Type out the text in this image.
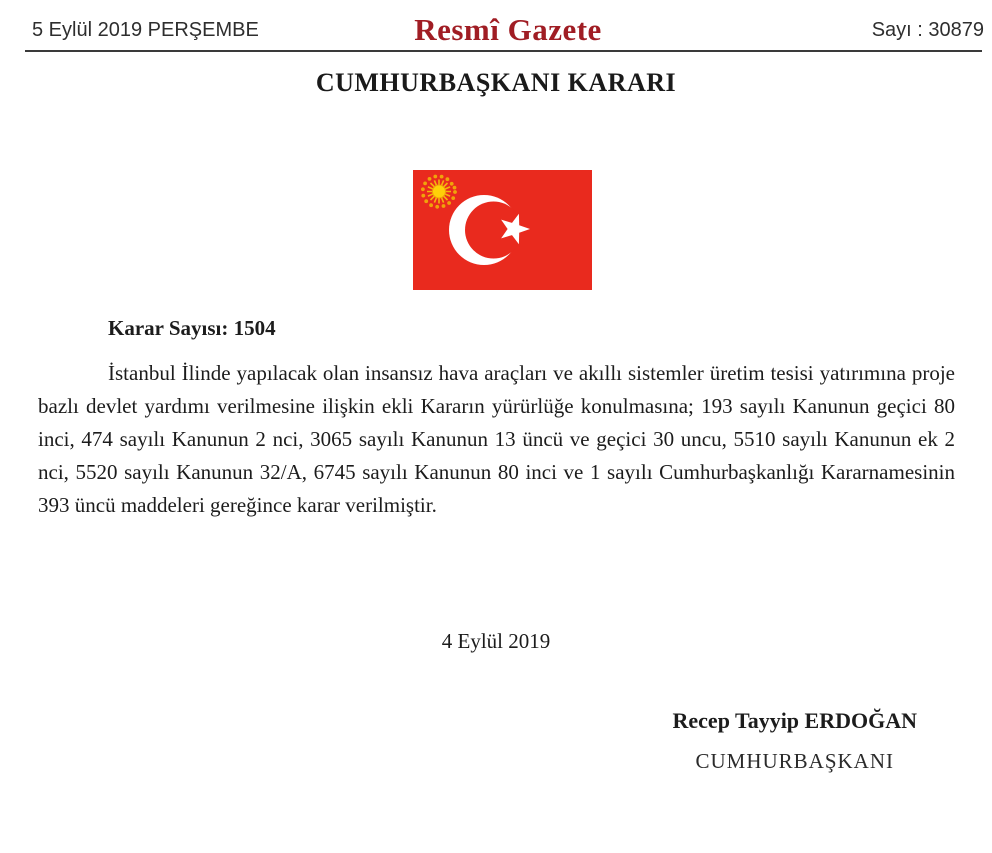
5 Eylül 2019 PERŞEMBE	Resmî Gazete	Sayı : 30879
CUMHURBAŞKANI KARARI

Karar Sayısı: 1504

İstanbul İlinde yapılacak olan insansız hava araçları ve akıllı sistemler üretim tesisi yatırımına proje bazlı devlet yardımı verilmesine ilişkin ekli Kararın yürürlüğe konulmasına; 193 sayılı Kanunun geçici 80 inci, 474 sayılı Kanunun 2 nci, 3065 sayılı Kanunun 13 üncü ve geçici 30 uncu, 5510 sayılı Kanunun ek 2 nci, 5520 sayılı Kanunun 32/A, 6745 sayılı Kanunun 80 inci ve 1 sayılı Cumhurbaşkanlığı Kararnamesinin 393 üncü maddeleri gereğince karar verilmiştir.

4 Eylül 2019

Recep Tayyip ERDOĞAN
CUMHURBAŞKANI
